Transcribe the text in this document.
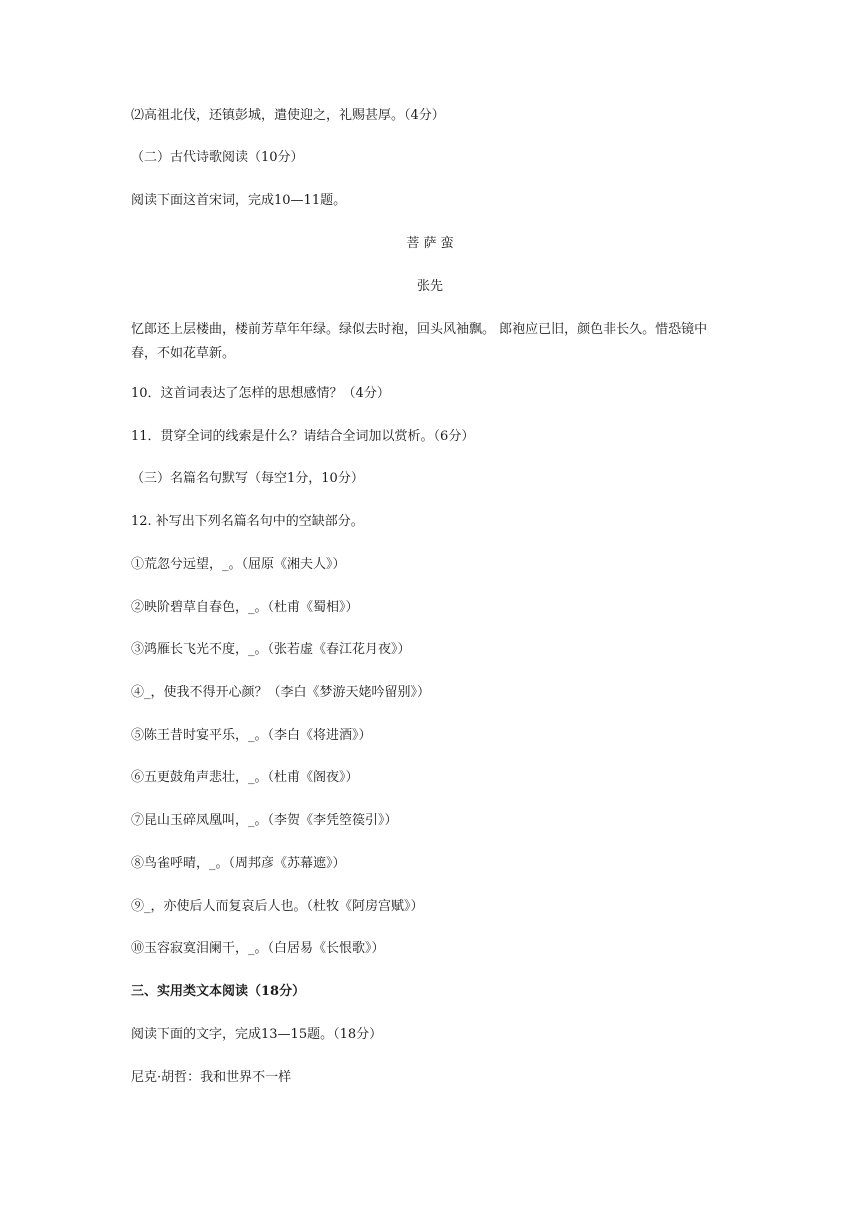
⑵高祖北伐，还镇彭城，遣使迎之，礼赐甚厚。（4分）
（二）古代诗歌阅读（10分）
阅读下面这首宋词，完成10—11题。
菩 萨 蛮
张先
忆郎还上层楼曲，楼前芳草年年绿。绿似去时袍，回头风袖飘。 郎袍应已旧，颜色非长久。惜恐镜中春，不如花草新。
10．这首词表达了怎样的思想感情？（4分）
11．贯穿全词的线索是什么？请结合全词加以赏析。（6分）
（三）名篇名句默写（每空1分，10分）
12. 补写出下列名篇名句中的空缺部分。
①荒忽兮远望，_。（屈原《湘夫人》）
②映阶碧草自春色，_。（杜甫《蜀相》）
③鸿雁长飞光不度，_。（张若虚《春江花月夜》）
④_，使我不得开心颜？（李白《梦游天姥吟留别》）
⑤陈王昔时宴平乐，_。（李白《将进酒》）
⑥五更鼓角声悲壮，_。（杜甫《阁夜》）
⑦昆山玉碎凤凰叫，_。（李贺《李凭箜篌引》）
⑧鸟雀呼晴，_。（周邦彦《苏幕遮》）
⑨_，亦使后人而复哀后人也。（杜牧《阿房宫赋》）
⑩玉容寂寞泪阑干，_。（白居易《长恨歌》）
三、实用类文本阅读（18分）
阅读下面的文字，完成13—15题。（18分）
尼克·胡哲：我和世界不一样
